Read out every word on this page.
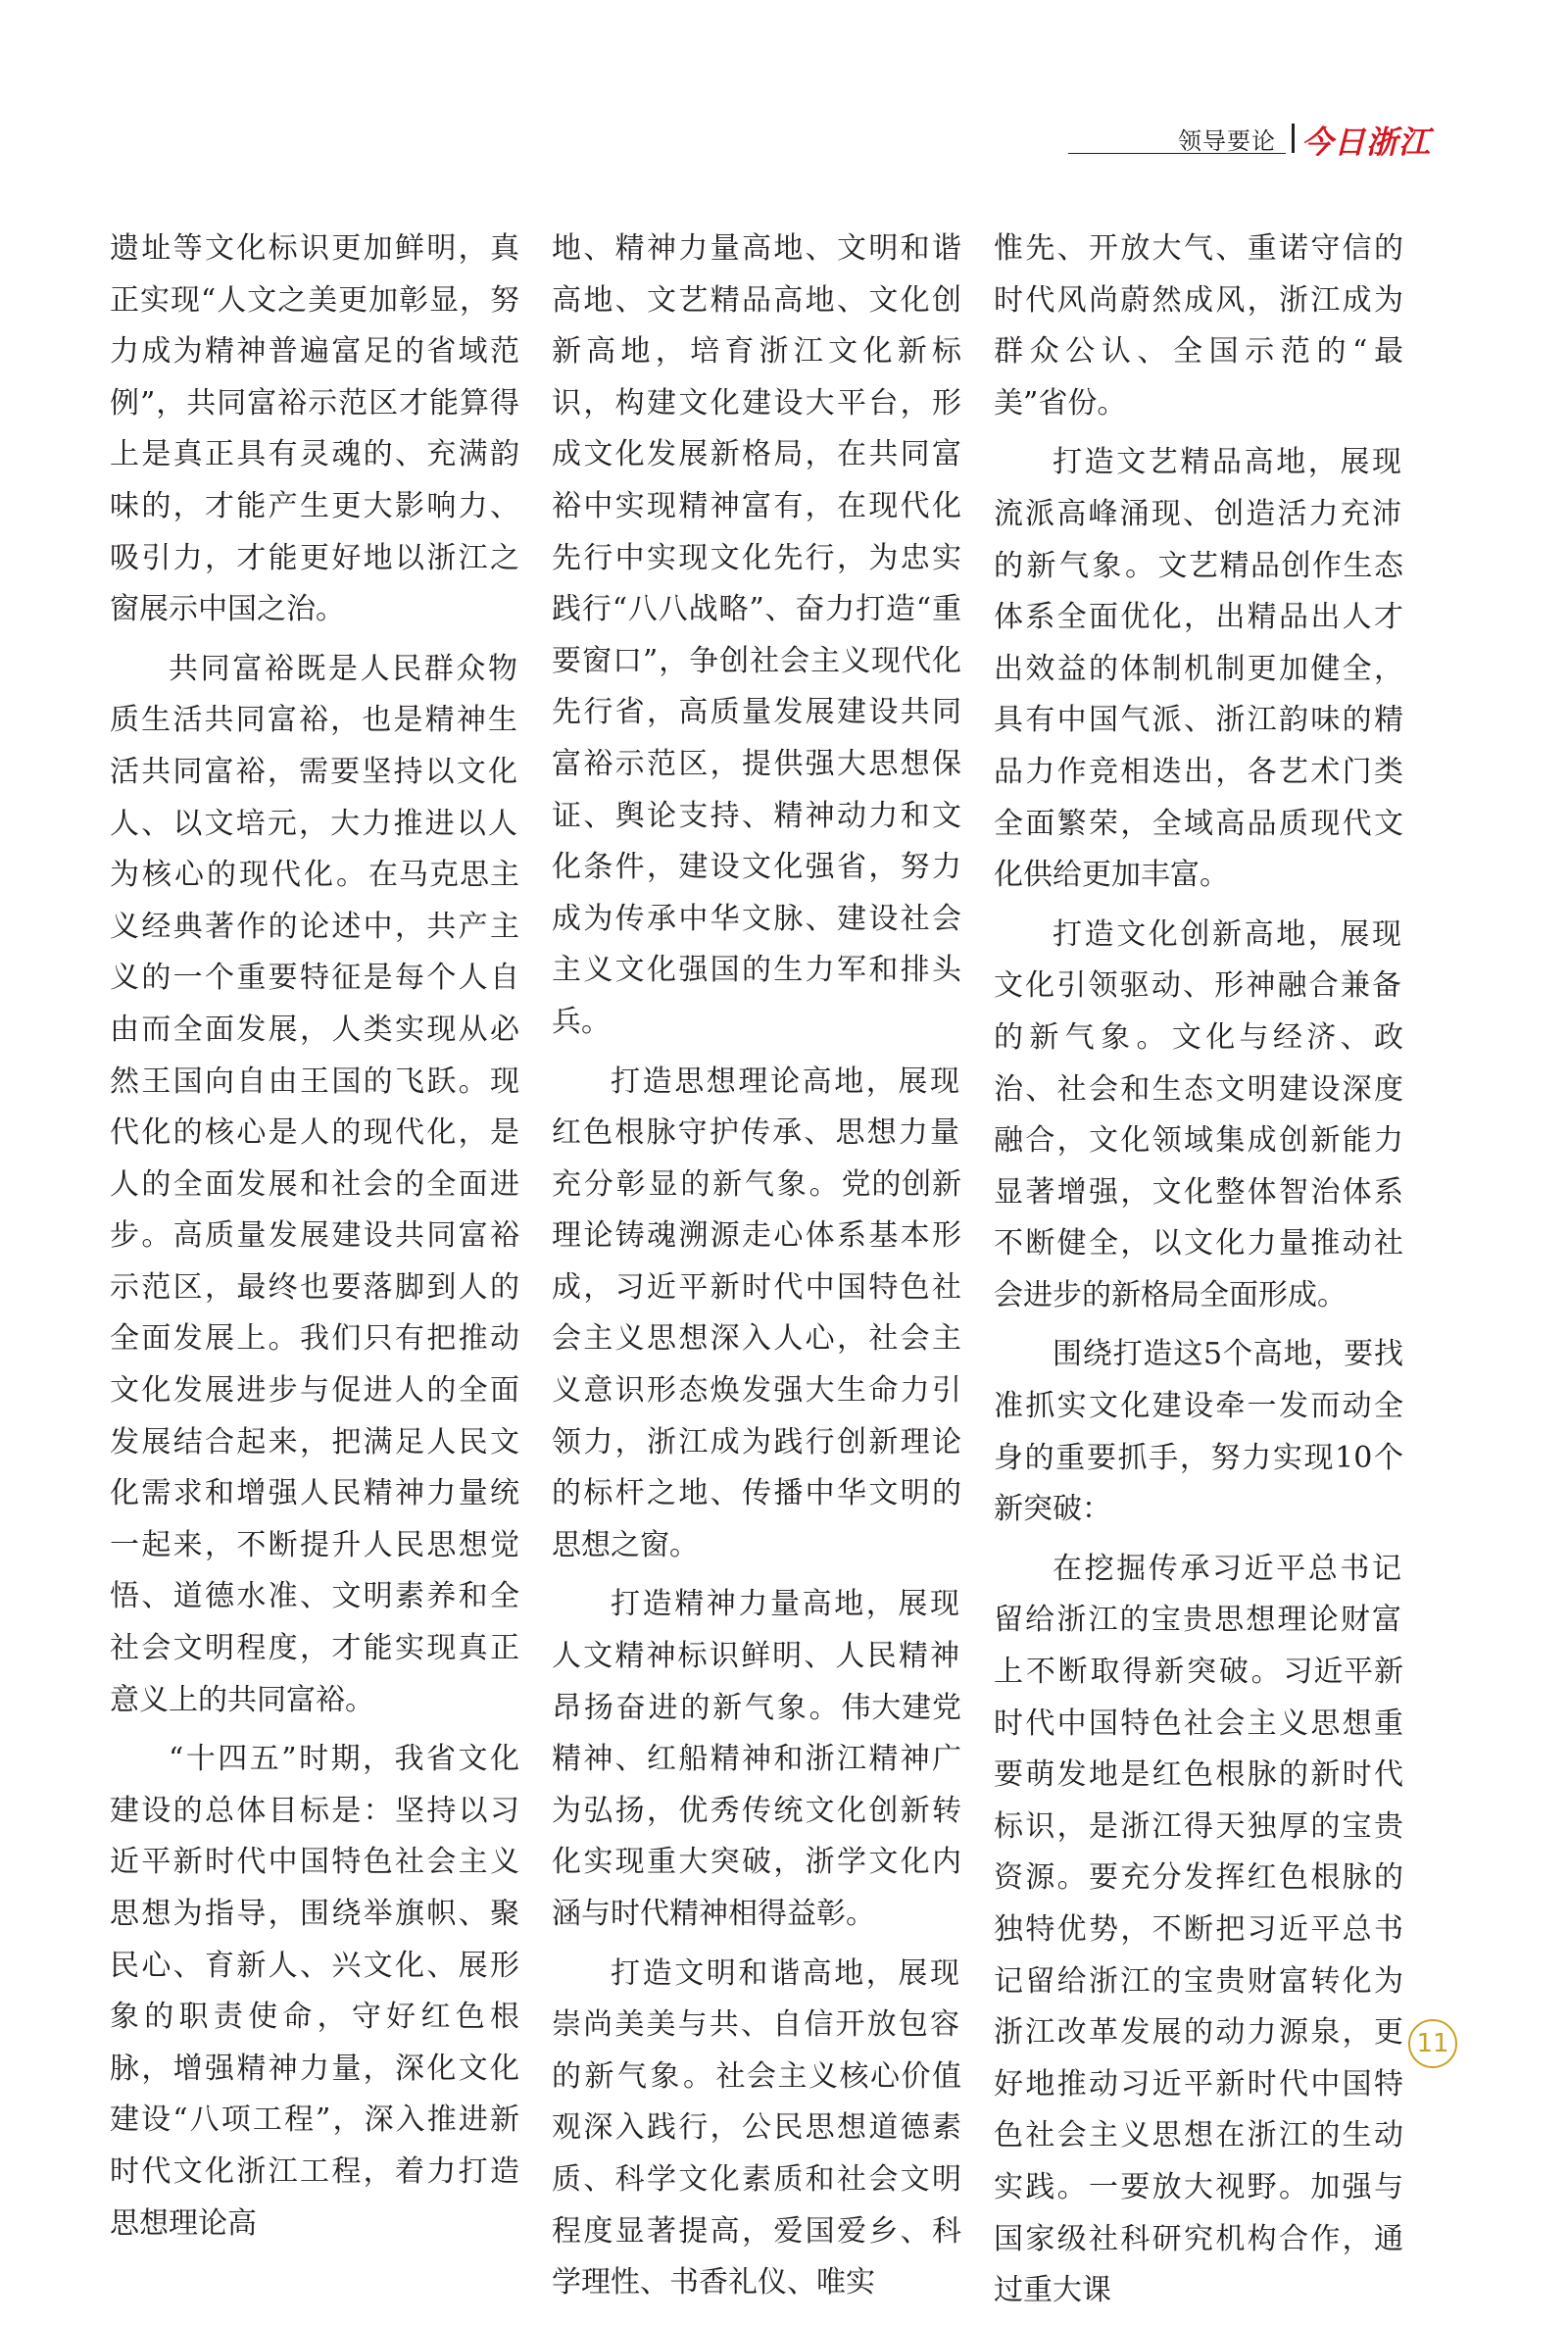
领导要论 今日浙江

遗址等文化标识更加鲜明，真正实现“人文之美更加彰显，努力成为精神普遍富足的省域范例”，共同富裕示范区才能算得上是真正具有灵魂的、充满韵味的，才能产生更大影响力、吸引力，才能更好地以浙江之窗展示中国之治。

共同富裕既是人民群众物质生活共同富裕，也是精神生活共同富裕，需要坚持以文化人、以文培元，大力推进以人为核心的现代化。在马克思主义经典著作的论述中，共产主义的一个重要特征是每个人自由而全面发展，人类实现从必然王国向自由王国的飞跃。现代化的核心是人的现代化，是人的全面发展和社会的全面进步。高质量发展建设共同富裕示范区，最终也要落脚到人的全面发展上。我们只有把推动文化发展进步与促进人的全面发展结合起来，把满足人民文化需求和增强人民精神力量统一起来，不断提升人民思想觉悟、道德水准、文明素养和全社会文明程度，才能实现真正意义上的共同富裕。

“十四五”时期，我省文化建设的总体目标是：坚持以习近平新时代中国特色社会主义思想为指导，围绕举旗帜、聚民心、育新人、兴文化、展形象的职责使命，守好红色根脉，增强精神力量，深化文化建设“八项工程”，深入推进新时代文化浙江工程，着力打造思想理论高

地、精神力量高地、文明和谐高地、文艺精品高地、文化创新高地，培育浙江文化新标识，构建文化建设大平台，形成文化发展新格局，在共同富裕中实现精神富有，在现代化先行中实现文化先行，为忠实践行“八八战略”、奋力打造“重要窗口”，争创社会主义现代化先行省，高质量发展建设共同富裕示范区，提供强大思想保证、舆论支持、精神动力和文化条件，建设文化强省，努力成为传承中华文脉、建设社会主义文化强国的生力军和排头兵。

打造思想理论高地，展现红色根脉守护传承、思想力量充分彰显的新气象。党的创新理论铸魂溯源走心体系基本形成，习近平新时代中国特色社会主义思想深入人心，社会主义意识形态焕发强大生命力引领力，浙江成为践行创新理论的标杆之地、传播中华文明的思想之窗。

打造精神力量高地，展现人文精神标识鲜明、人民精神昂扬奋进的新气象。伟大建党精神、红船精神和浙江精神广为弘扬，优秀传统文化创新转化实现重大突破，浙学文化内涵与时代精神相得益彰。

打造文明和谐高地，展现崇尚美美与共、自信开放包容的新气象。社会主义核心价值观深入践行，公民思想道德素质、科学文化素质和社会文明程度显著提高，爱国爱乡、科学理性、书香礼仪、唯实

惟先、开放大气、重诺守信的时代风尚蔚然成风，浙江成为群众公认、全国示范的“最美”省份。

打造文艺精品高地，展现流派高峰涌现、创造活力充沛的新气象。文艺精品创作生态体系全面优化，出精品出人才出效益的体制机制更加健全，具有中国气派、浙江韵味的精品力作竞相迭出，各艺术门类全面繁荣，全域高品质现代文化供给更加丰富。

打造文化创新高地，展现文化引领驱动、形神融合兼备的新气象。文化与经济、政治、社会和生态文明建设深度融合，文化领域集成创新能力显著增强，文化整体智治体系不断健全，以文化力量推动社会进步的新格局全面形成。

围绕打造这5个高地，要找准抓实文化建设牵一发而动全身的重要抓手，努力实现10个新突破：

在挖掘传承习近平总书记留给浙江的宝贵思想理论财富上不断取得新突破。习近平新时代中国特色社会主义思想重要萌发地是红色根脉的新时代标识，是浙江得天独厚的宝贵资源。要充分发挥红色根脉的独特优势，不断把习近平总书记留给浙江的宝贵财富转化为浙江改革发展的动力源泉，更好地推动习近平新时代中国特色社会主义思想在浙江的生动实践。一要放大视野。加强与国家级社科研究机构合作，通过重大课

11
